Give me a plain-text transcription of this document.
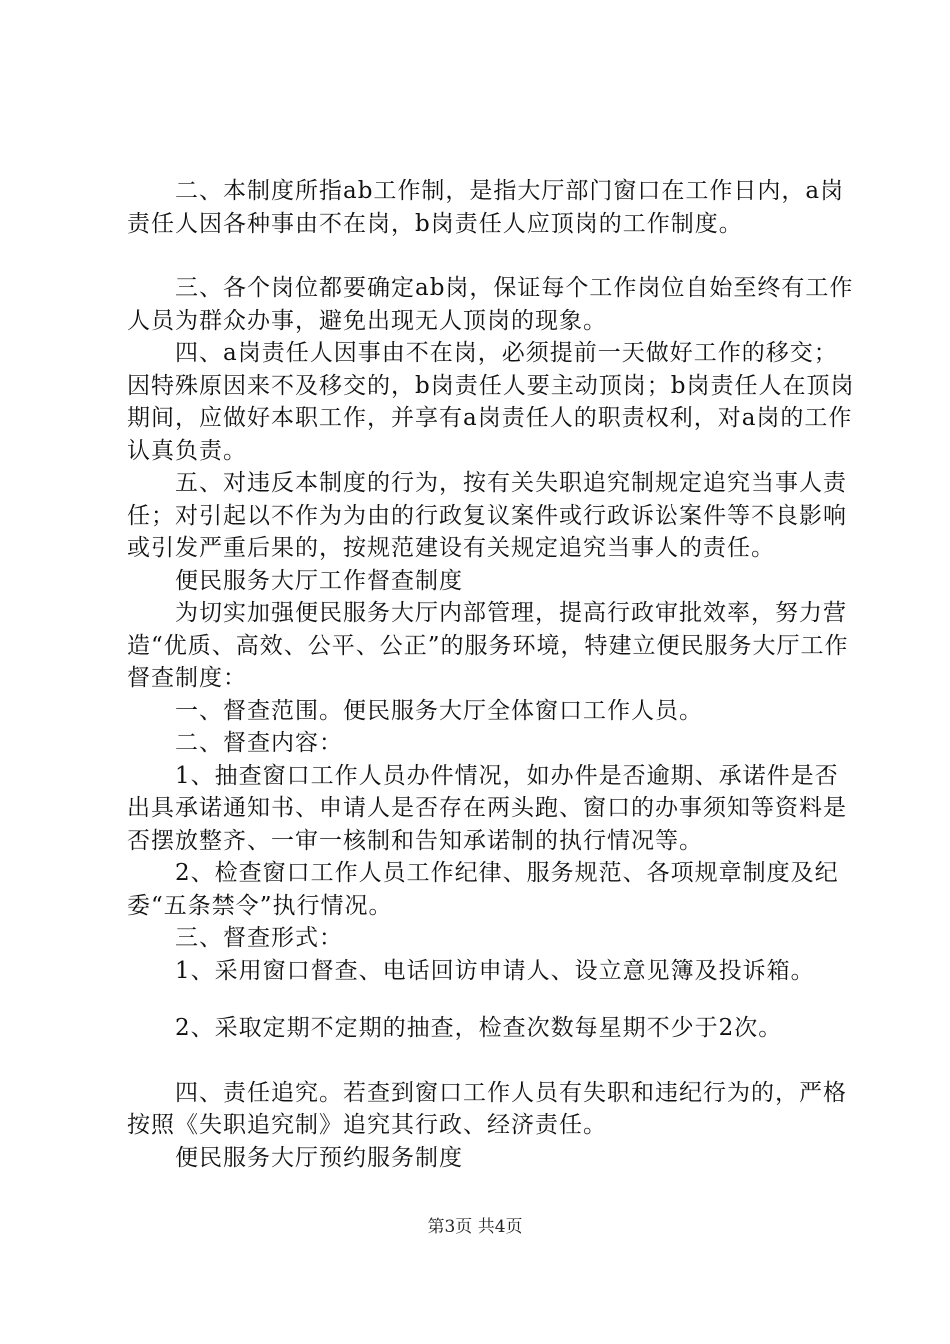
　　二、本制度所指ab工作制，是指大厅部门窗口在工作日内，a岗责任人因各种事由不在岗，b岗责任人应顶岗的工作制度。

　　三、各个岗位都要确定ab岗，保证每个工作岗位自始至终有工作人员为群众办事，避免出现无人顶岗的现象。

　　四、a岗责任人因事由不在岗，必须提前一天做好工作的移交；因特殊原因来不及移交的，b岗责任人要主动顶岗；b岗责任人在顶岗期间，应做好本职工作，并享有a岗责任人的职责权利，对a岗的工作认真负责。

　　五、对违反本制度的行为，按有关失职追究制规定追究当事人责任；对引起以不作为为由的行政复议案件或行政诉讼案件等不良影响或引发严重后果的，按规范建设有关规定追究当事人的责任。

　　便民服务大厅工作督查制度

　　为切实加强便民服务大厅内部管理，提高行政审批效率，努力营造“优质、高效、公平、公正”的服务环境，特建立便民服务大厅工作督查制度：

　　一、督查范围。便民服务大厅全体窗口工作人员。

　　二、督查内容：

　　1、抽查窗口工作人员办件情况，如办件是否逾期、承诺件是否出具承诺通知书、申请人是否存在两头跑、窗口的办事须知等资料是否摆放整齐、一审一核制和告知承诺制的执行情况等。

　　2、检查窗口工作人员工作纪律、服务规范、各项规章制度及纪委“五条禁令”执行情况。

　　三、督查形式：

　　1、采用窗口督查、电话回访申请人、设立意见簿及投诉箱。

　　2、采取定期不定期的抽查，检查次数每星期不少于2次。

　　四、责任追究。若查到窗口工作人员有失职和违纪行为的，严格按照《失职追究制》追究其行政、经济责任。

　　便民服务大厅预约服务制度

第3页 共4页
